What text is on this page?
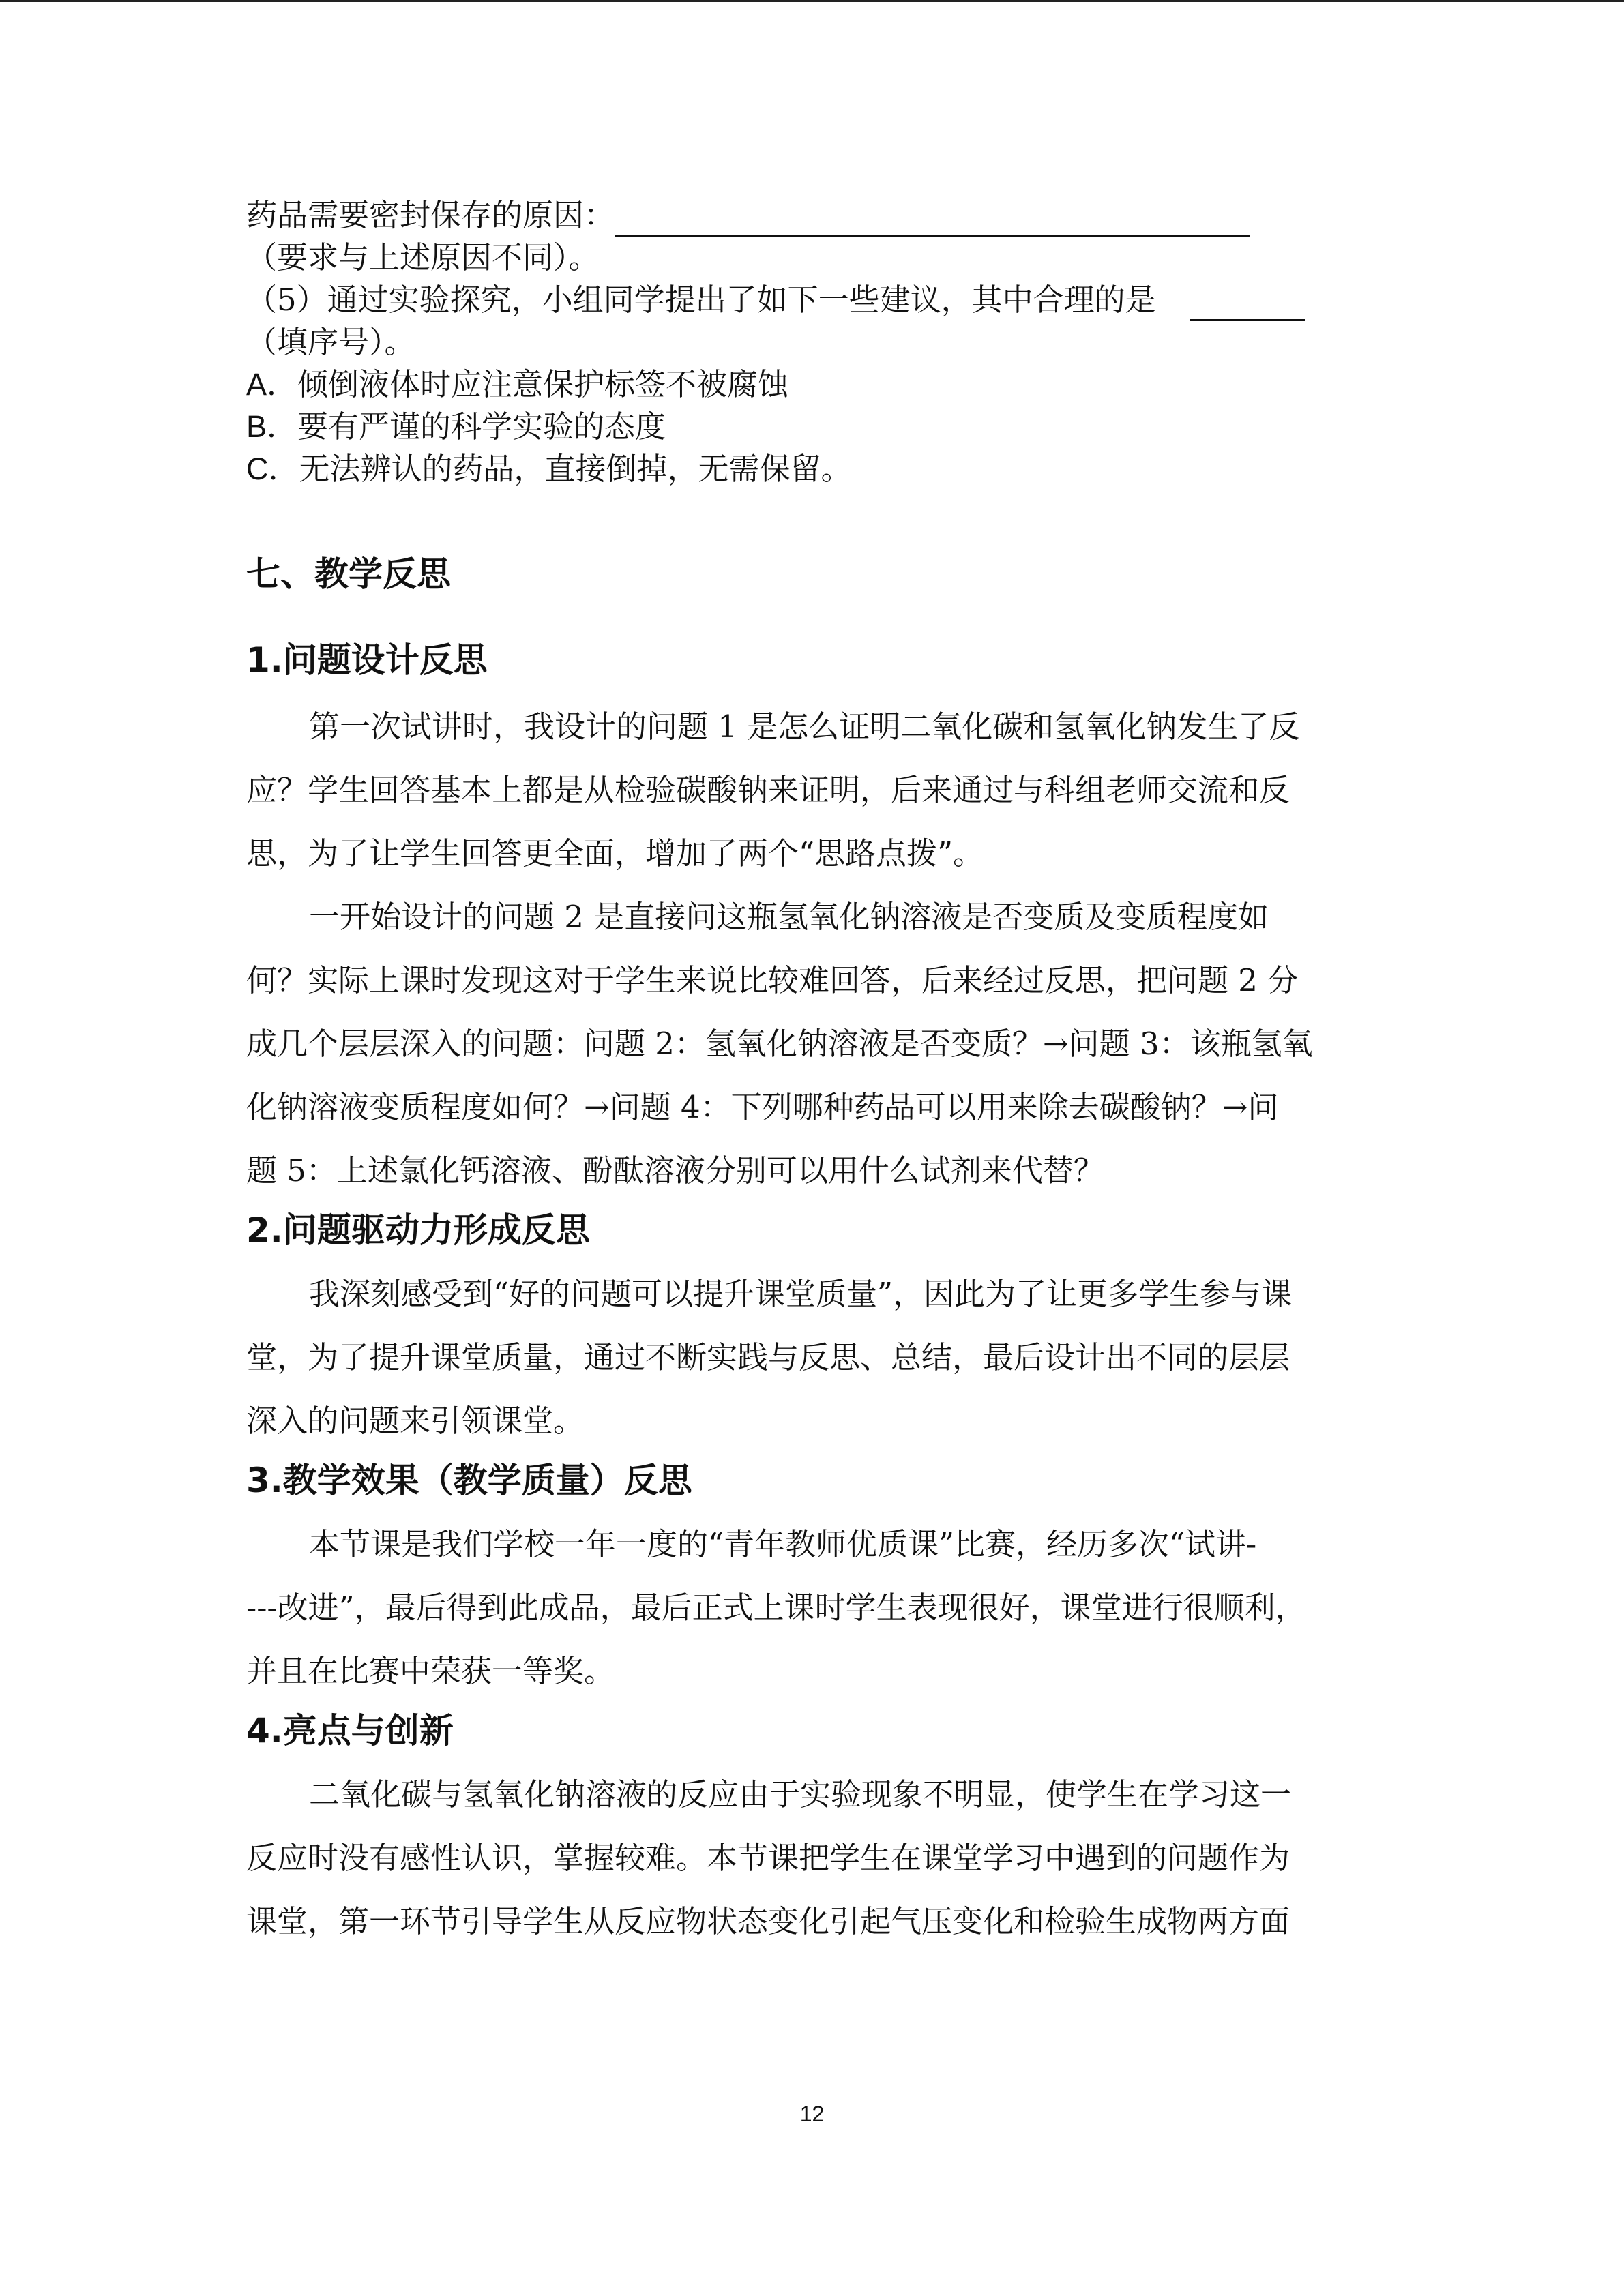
药品需要密封保存的原因：
（要求与上述原因不同）。
（5）通过实验探究，小组同学提出了如下一些建议，其中合理的是
（填序号）。
A．倾倒液体时应注意保护标签不被腐蚀
B．要有严谨的科学实验的态度
C．无法辨认的药品，直接倒掉，无需保留。
七、教学反思
1.问题设计反思
第一次试讲时，我设计的问题 1 是怎么证明二氧化碳和氢氧化钠发生了反
应？学生回答基本上都是从检验碳酸钠来证明，后来通过与科组老师交流和反
思，为了让学生回答更全面，增加了两个“思路点拨”。
一开始设计的问题 2 是直接问这瓶氢氧化钠溶液是否变质及变质程度如
何？实际上课时发现这对于学生来说比较难回答，后来经过反思，把问题 2 分
成几个层层深入的问题：问题 2：氢氧化钠溶液是否变质？→问题 3：该瓶氢氧
化钠溶液变质程度如何？→问题 4：下列哪种药品可以用来除去碳酸钠？→问
题 5：上述氯化钙溶液、酚酞溶液分别可以用什么试剂来代替？
2.问题驱动力形成反思
我深刻感受到“好的问题可以提升课堂质量”，因此为了让更多学生参与课
堂，为了提升课堂质量，通过不断实践与反思、总结，最后设计出不同的层层
深入的问题来引领课堂。
3.教学效果（教学质量）反思
本节课是我们学校一年一度的“青年教师优质课”比赛，经历多次“试讲-
---改进”，最后得到此成品，最后正式上课时学生表现很好，课堂进行很顺利，
并且在比赛中荣获一等奖。
4.亮点与创新
二氧化碳与氢氧化钠溶液的反应由于实验现象不明显，使学生在学习这一
反应时没有感性认识，掌握较难。本节课把学生在课堂学习中遇到的问题作为
课堂，第一环节引导学生从反应物状态变化引起气压变化和检验生成物两方面
12
